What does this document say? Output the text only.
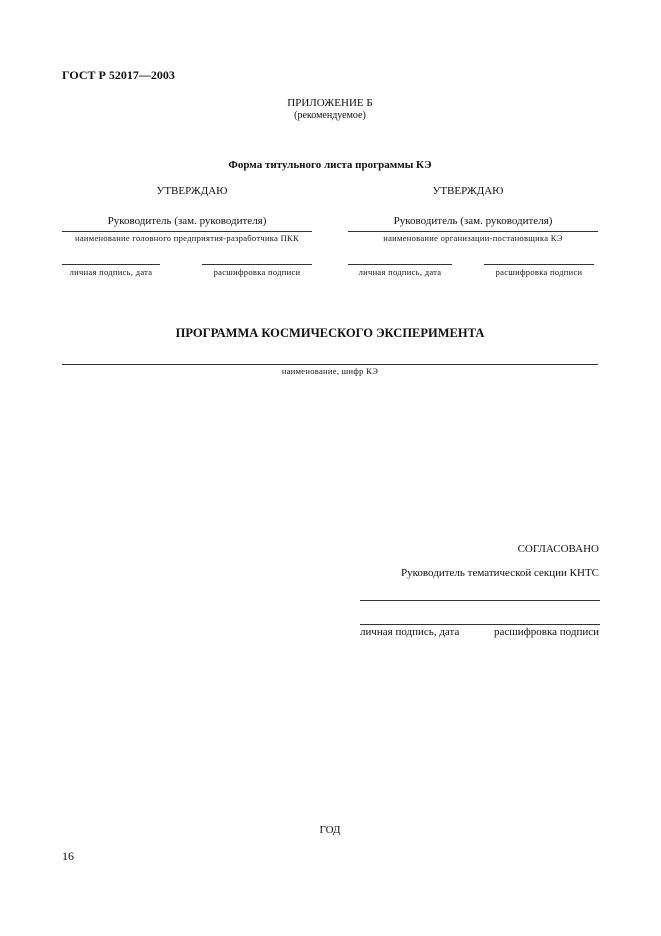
ГОСТ Р 52017—2003
ПРИЛОЖЕНИЕ Б
(рекомендуемое)
Форма титульного листа программы КЭ
УТВЕРЖДАЮ
Руководитель (зам. руководителя)
наименование головного предприятия-разработчика ПКК
личная подпись, дата	расшифровка подписи
УТВЕРЖДАЮ
Руководитель (зам. руководителя)
наименование организации-постановщика КЭ
личная подпись, дата	расшифровка подписи
ПРОГРАММА КОСМИЧЕСКОГО ЭКСПЕРИМЕНТА
наименование, шифр КЭ
СОГЛАСОВАНО
Руководитель тематической секции КНТС
личная подпись, дата	расшифровка подписи
ГОД
16
